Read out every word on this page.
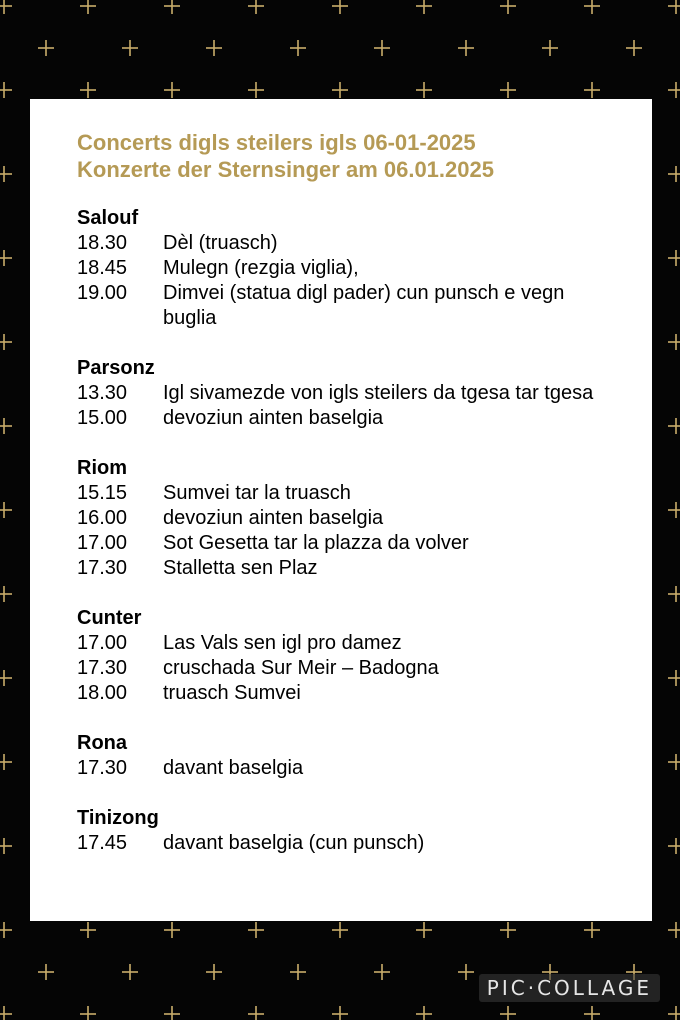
Concerts digls steilers igls 06-01-2025
Konzerte der Sternsinger am 06.01.2025
Salouf
18.30	Dèl (truasch)
18.45	Mulegn (rezgia viglia),
19.00	Dimvei (statua digl pader) cun punsch e vegn buglia
Parsonz
13.30	Igl sivamezde von igls steilers da tgesa tar tgesa
15.00	devoziun ainten baselgia
Riom
15.15	Sumvei tar la truasch
16.00	devoziun ainten baselgia
17.00	Sot Gesetta tar la plazza da volver
17.30	Stalletta sen Plaz
Cunter
17.00	Las Vals sen igl pro damez
17.30	cruschada Sur Meir – Badogna
18.00	truasch Sumvei
Rona
17.30	davant baselgia
Tinizong
17.45	davant baselgia (cun punsch)
PIC·COLLAGE
